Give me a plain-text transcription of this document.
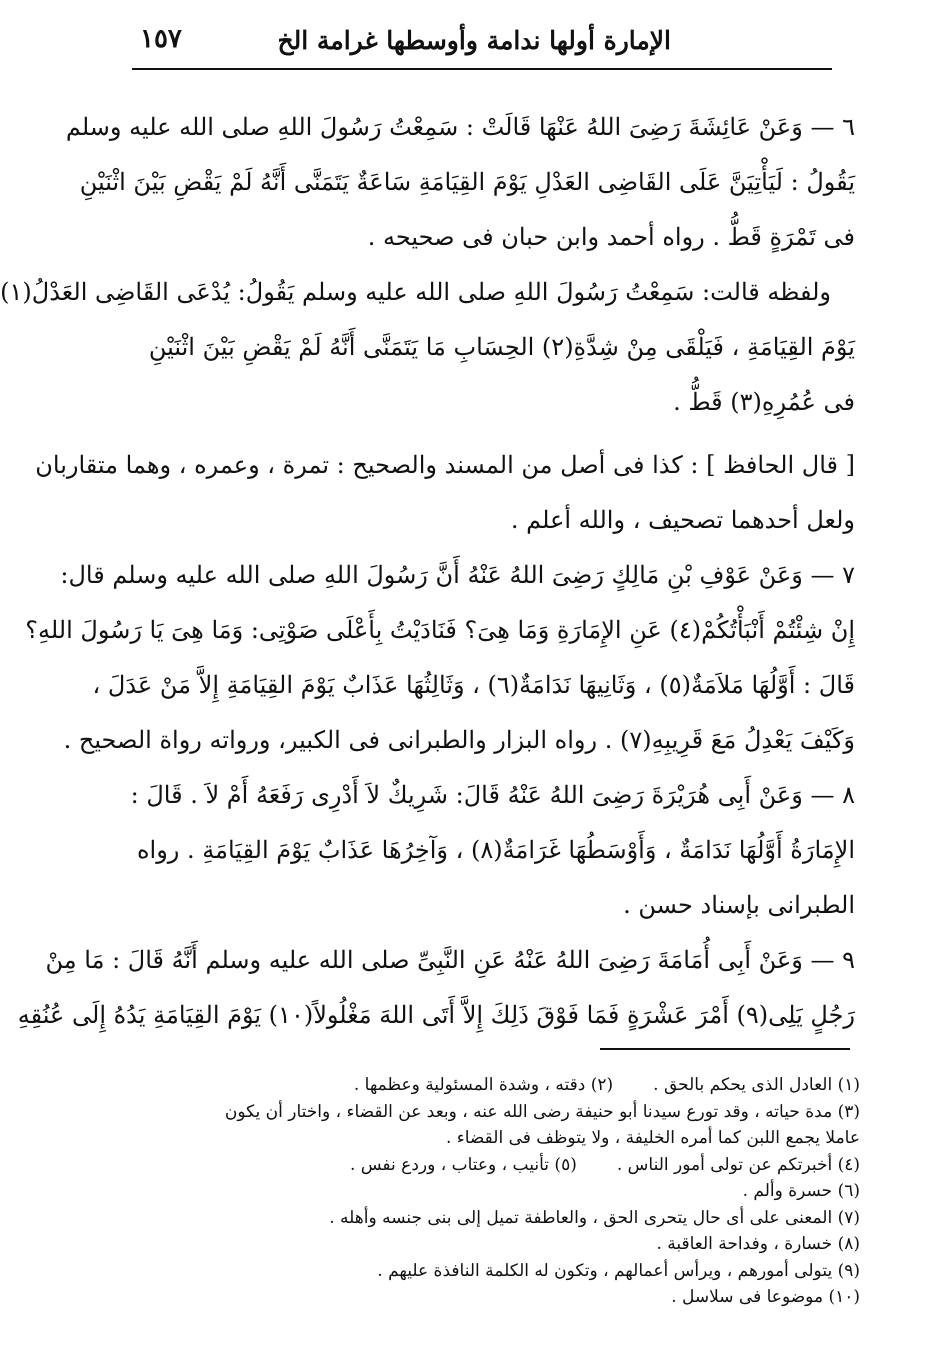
الإمارة أولها ندامة وأوسطها غرامة الخ
١٥٧
٦ — وَعَنْ عَائِشَةَ رَضِىَ اللهُ عَنْهَا قَالَتْ : سَمِعْتُ رَسُولَ اللهِ صلى الله عليه وسلم
يَقُولُ : لَيَأْتِيَنَّ عَلَى القَاضِى العَدْلِ يَوْمَ القِيَامَةِ سَاعَةٌ يَتَمَنَّى أَنَّهُ لَمْ يَقْضِ بَيْنَ اثْنَيْنِ
فى تَمْرَةٍ قَطُّ . رواه أحمد وابن حبان فى صحيحه .
ولفظه قالت: سَمِعْتُ رَسُولَ اللهِ صلى الله عليه وسلم يَقُولُ: يُدْعَى القَاضِى العَدْلُ(١)
يَوْمَ القِيَامَةِ ، فَيَلْقَى مِنْ شِدَّةِ(٢) الحِسَابِ مَا يَتَمَنَّى أَنَّهُ لَمْ يَقْضِ بَيْنَ اثْنَيْنِ
فى عُمُرِهِ(٣) قَطُّ .
[ قال الحافظ ] : كذا فى أصل من المسند والصحيح : تمرة ، وعمره ، وهما متقاربان
ولعل أحدهما تصحيف ، والله أعلم .
٧ — وَعَنْ عَوْفِ بْنِ مَالِكٍ رَضِىَ اللهُ عَنْهُ أَنَّ رَسُولَ اللهِ صلى الله عليه وسلم قال:
إِنْ شِئْتُمْ أَنْبَأْتُكُمْ(٤) عَنِ الإِمَارَةِ وَمَا هِىَ؟ فَنَادَيْتُ بِأَعْلَى صَوْتِى: وَمَا هِىَ يَا رَسُولَ اللهِ؟
قَالَ : أَوَّلُهَا مَلاَمَةٌ(٥) ، وَثَانِيهَا نَدَامَةٌ(٦) ، وَثَالِثُهَا عَذَابٌ يَوْمَ القِيَامَةِ إِلاَّ مَنْ عَدَلَ ،
وَكَيْفَ يَعْدِلُ مَعَ قَرِيبِهِ(٧) . رواه البزار والطبرانى فى الكبير، ورواته رواة الصحيح .
٨ — وَعَنْ أَبِى هُرَيْرَةَ رَضِىَ اللهُ عَنْهُ قَالَ: شَرِيكٌ لاَ أَدْرِى رَفَعَهُ أَمْ لاَ . قَالَ :
الإِمَارَةُ أَوَّلُهَا نَدَامَةٌ ، وَأَوْسَطُهَا غَرَامَةٌ(٨) ، وَآخِرُهَا عَذَابٌ يَوْمَ القِيَامَةِ . رواه
الطبرانى بإسناد حسن .
٩ — وَعَنْ أَبِى أُمَامَةَ رَضِىَ اللهُ عَنْهُ عَنِ النَّبِىِّ صلى الله عليه وسلم أَنَّهُ قَالَ : مَا مِنْ
رَجُلٍ يَلِى(٩) أَمْرَ عَشْرَةٍ فَمَا فَوْقَ ذَلِكَ إِلاَّ أَتَى اللهَ مَغْلُولاً(١٠) يَوْمَ القِيَامَةِ يَدُهُ إِلَى عُنُقِهِ
(١) العادل الذى يحكم بالحق .(٢) دقته ، وشدة المسئولية وعظمها .
(٣) مدة حياته ، وقد تورع سيدنا أبو حنيفة رضى الله عنه ، وبعد عن القضاء ، واختار أن يكون
عاملا يجمع اللبن كما أمره الخليفة ، ولا يتوظف فى القضاء .
(٤) أخبرتكم عن تولى أمور الناس .(٥) تأنيب ، وعتاب ، وردع نفس .
(٦) حسرة وألم .
(٧) المعنى على أى حال يتحرى الحق ، والعاطفة تميل إلى بنى جنسه وأهله .
(٨) خسارة ، وفداحة العاقبة .
(٩) يتولى أمورهم ، ويرأس أعمالهم ، وتكون له الكلمة النافذة عليهم .
(١٠) موضوعا فى سلاسل .
